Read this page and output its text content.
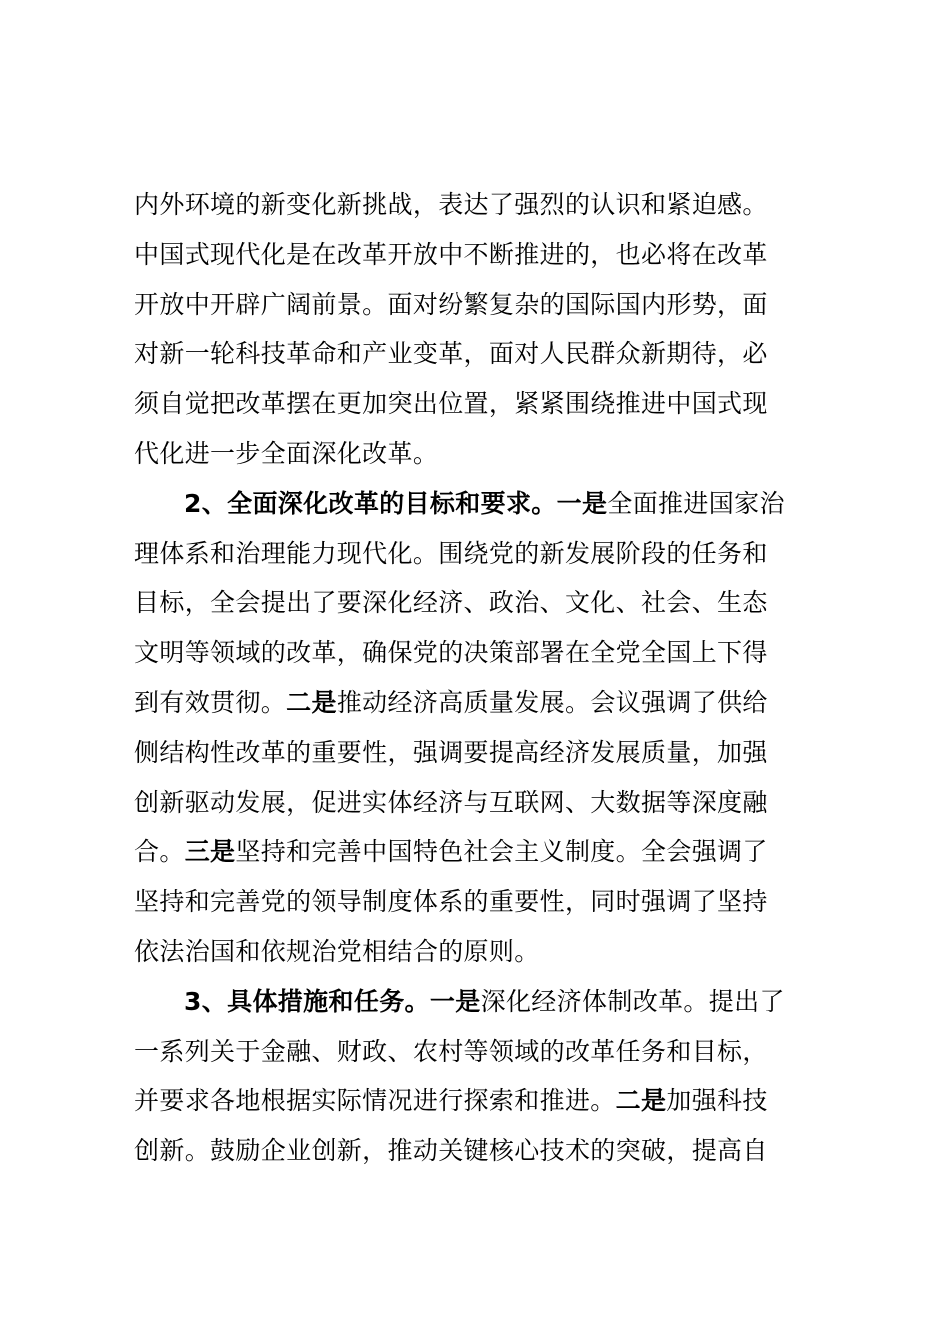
内外环境的新变化新挑战，表达了强烈的认识和紧迫感。
中国式现代化是在改革开放中不断推进的，也必将在改革
开放中开辟广阔前景。面对纷繁复杂的国际国内形势，面
对新一轮科技革命和产业变革，面对人民群众新期待，必
须自觉把改革摆在更加突出位置，紧紧围绕推进中国式现
代化进一步全面深化改革。
2、全面深化改革的目标和要求。一是全面推进国家治
理体系和治理能力现代化。围绕党的新发展阶段的任务和
目标，全会提出了要深化经济、政治、文化、社会、生态
文明等领域的改革，确保党的决策部署在全党全国上下得
到有效贯彻。二是推动经济高质量发展。会议强调了供给
侧结构性改革的重要性，强调要提高经济发展质量，加强
创新驱动发展，促进实体经济与互联网、大数据等深度融
合。三是坚持和完善中国特色社会主义制度。全会强调了
坚持和完善党的领导制度体系的重要性，同时强调了坚持
依法治国和依规治党相结合的原则。
3、具体措施和任务。一是深化经济体制改革。提出了
一系列关于金融、财政、农村等领域的改革任务和目标，
并要求各地根据实际情况进行探索和推进。二是加强科技
创新。鼓励企业创新，推动关键核心技术的突破，提高自
